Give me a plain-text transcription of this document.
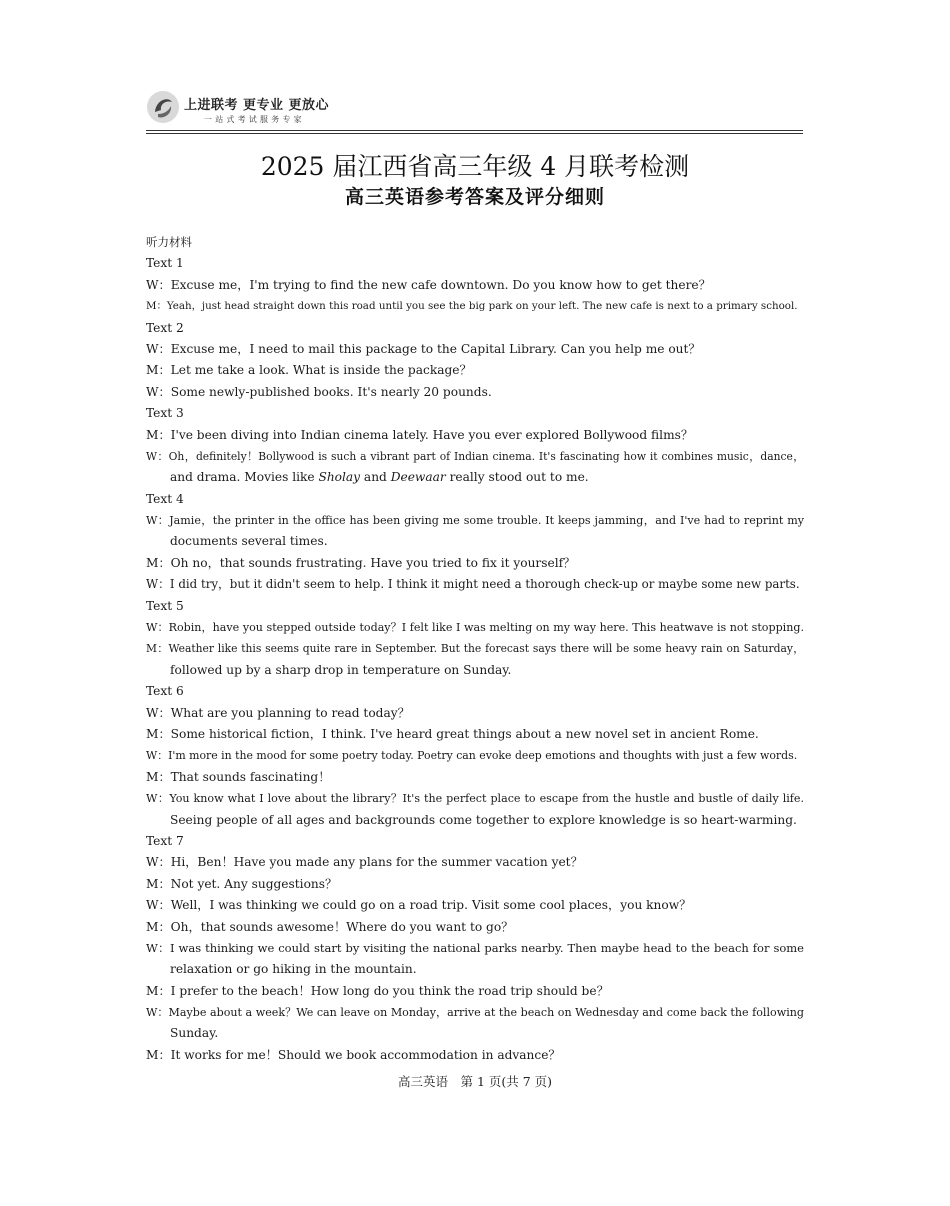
上进联考 更专业 更放心
一站式考试服务专家
2025 届江西省高三年级 4 月联考检测
高三英语参考答案及评分细则
听力材料
Text 1
W：Excuse me，I'm trying to find the new cafe downtown. Do you know how to get there？
M：Yeah，just head straight down this road until you see the big park on your left. The new cafe is next to a primary school.
Text 2
W：Excuse me，I need to mail this package to the Capital Library. Can you help me out？
M：Let me take a look. What is inside the package？
W：Some newly-published books. It's nearly 20 pounds.
Text 3
M：I've been diving into Indian cinema lately. Have you ever explored Bollywood films？
W：Oh，definitely！Bollywood is such a vibrant part of Indian cinema. It's fascinating how it combines music，dance，
and drama. Movies like Sholay and Deewaar really stood out to me.
Text 4
W：Jamie，the printer in the office has been giving me some trouble. It keeps jamming，and I've had to reprint my
documents several times.
M：Oh no，that sounds frustrating. Have you tried to fix it yourself？
W：I did try，but it didn't seem to help. I think it might need a thorough check-up or maybe some new parts.
Text 5
W：Robin，have you stepped outside today？I felt like I was melting on my way here. This heatwave is not stopping.
M：Weather like this seems quite rare in September. But the forecast says there will be some heavy rain on Saturday，
followed up by a sharp drop in temperature on Sunday.
Text 6
W：What are you planning to read today？
M：Some historical fiction，I think. I've heard great things about a new novel set in ancient Rome.
W：I'm more in the mood for some poetry today. Poetry can evoke deep emotions and thoughts with just a few words.
M：That sounds fascinating！
W：You know what I love about the library？It's the perfect place to escape from the hustle and bustle of daily life.
Seeing people of all ages and backgrounds come together to explore knowledge is so heart-warming.
Text 7
W：Hi，Ben！Have you made any plans for the summer vacation yet？
M：Not yet. Any suggestions？
W：Well，I was thinking we could go on a road trip. Visit some cool places，you know？
M：Oh，that sounds awesome！Where do you want to go？
W：I was thinking we could start by visiting the national parks nearby. Then maybe head to the beach for some
relaxation or go hiking in the mountain.
M：I prefer to the beach！How long do you think the road trip should be？
W：Maybe about a week？We can leave on Monday，arrive at the beach on Wednesday and come back the following
Sunday.
M：It works for me！Should we book accommodation in advance？
高三英语　第 1 页(共 7 页)
